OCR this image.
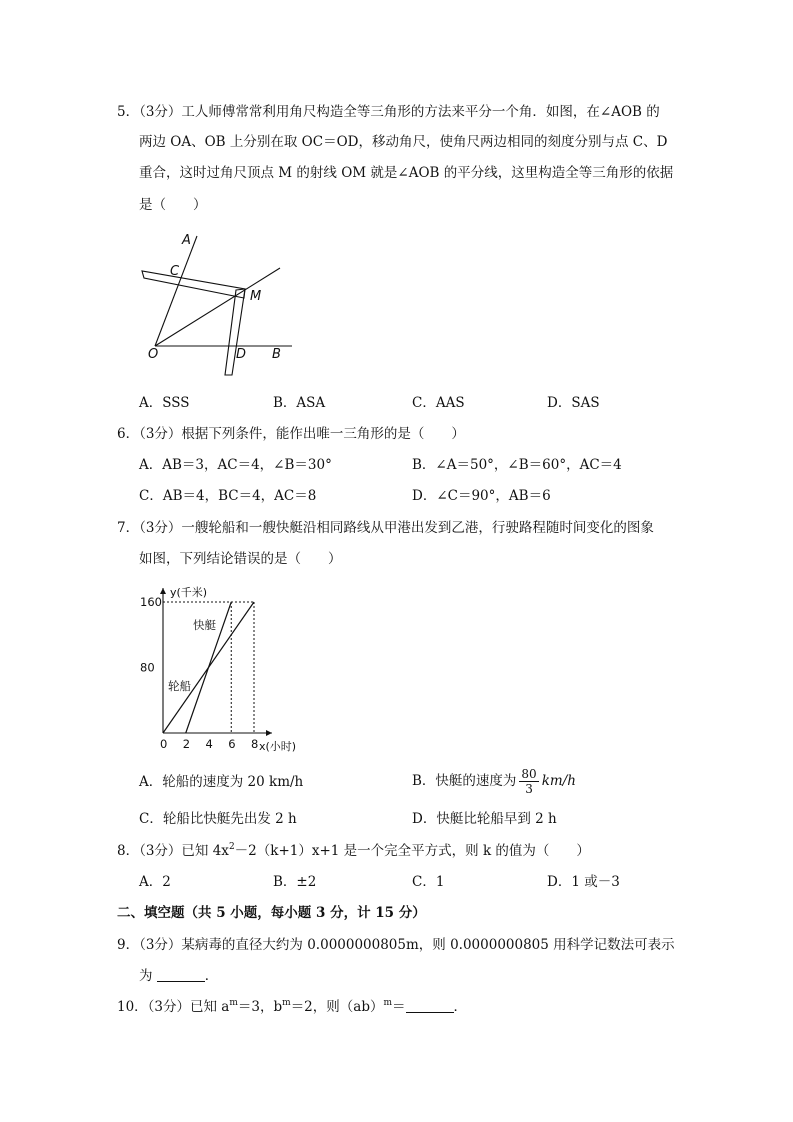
5．（3分）工人师傅常常利用角尺构造全等三角形的方法来平分一个角．如图，在∠AOB 的
两边 OA、OB 上分别在取 OC＝OD，移动角尺，使角尺两边相同的刻度分别与点 C、D
重合，这时过角尺顶点 M 的射线 OM 就是∠AOB 的平分线，这里构造全等三角形的依据
是（　　）
A
C
M
O	D B
A．SSS	B．ASA	C．AAS	D．SAS
6．（3分）根据下列条件，能作出唯一三角形的是（　　）
A．AB＝3，AC＝4，∠B＝30°	B．∠A＝50°，∠B＝60°，AC＝4
C．AB＝4，BC＝4，AC＝8	D．∠C＝90°，AB＝6
7．（3分）一艘轮船和一艘快艇沿相同路线从甲港出发到乙港，行驶路程随时间变化的图象
如图，下列结论错误的是（　　）
快艇
轮船
0 2 4 6 8
80
160
y(千米)
x(小时)
A．轮船的速度为 20 km/h	B．快艇的速度为 $\frac{80}{3} km/h$
C．轮船比快艇先出发 2 h	D．快艇比轮船早到 2 h
8．（3分）已知 $4x^2-2(k+1)x+1$ 是一个完全平方式，则 k 的值为（　　）
A．2	B．±2	C．1	D．1 或－3
二、填空题（共 5 小题，每小题 3 分，计 15 分）
9．（3分）某病毒的直径大约为 0.0000000805m，则 0.0000000805 用科学记数法可表示
为	．
10．（3分）已知 $a^m=3$，$b^m=2$，则（ab）$^m$＝	．
